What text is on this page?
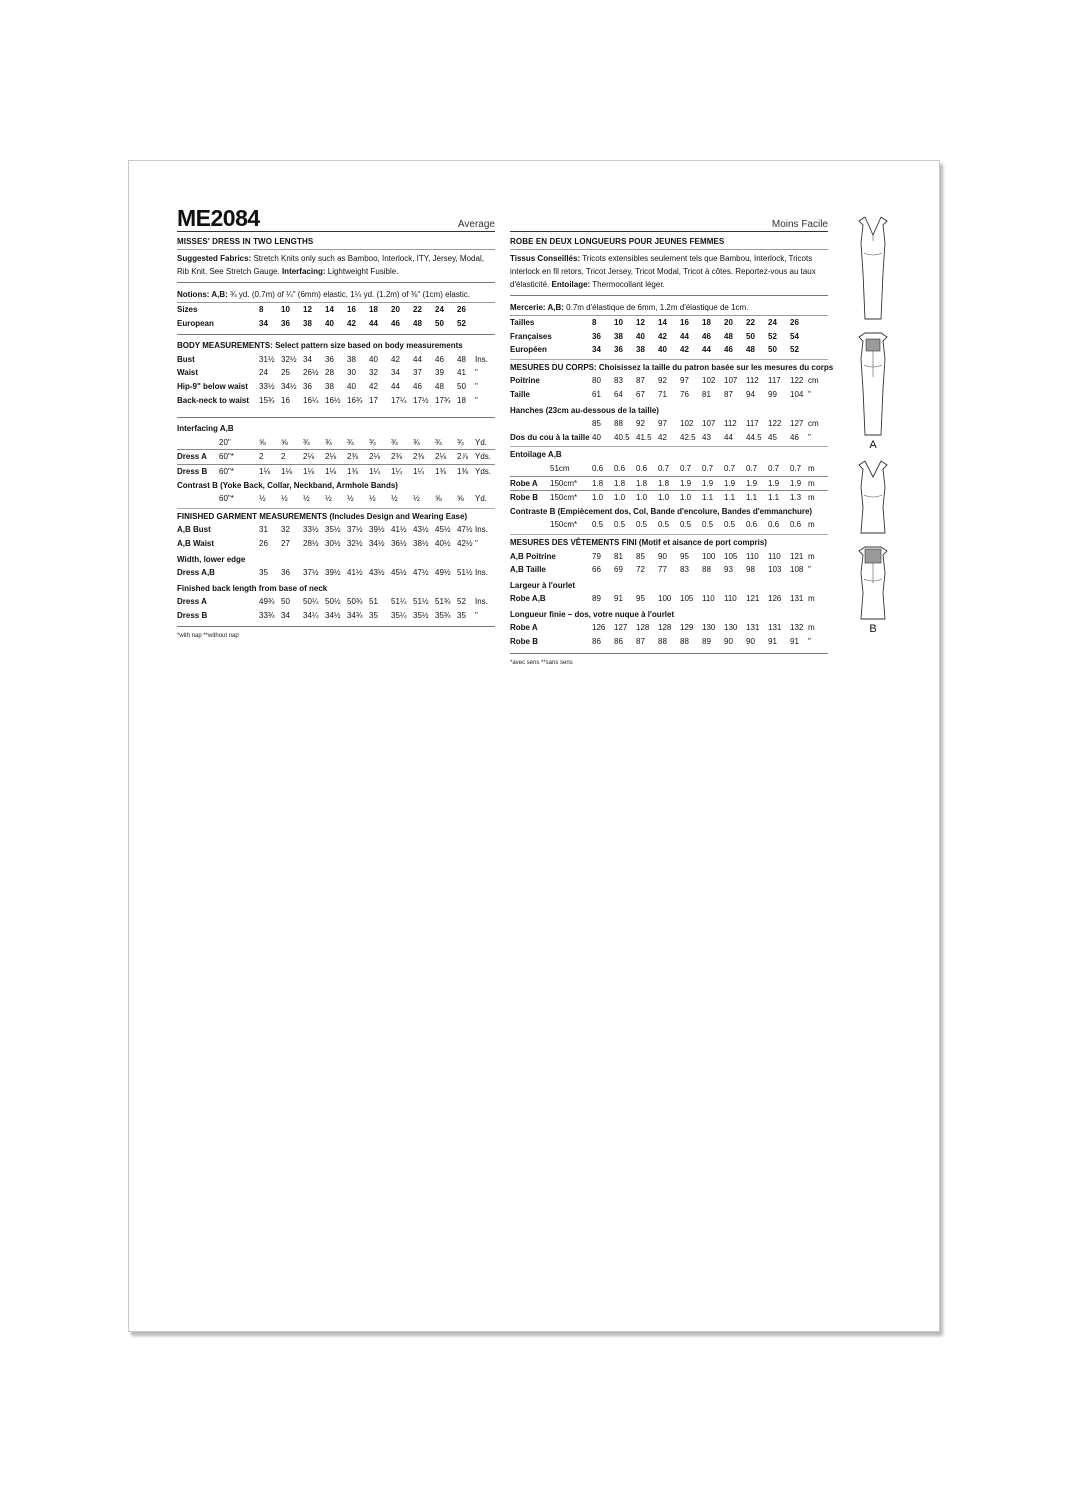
ME2084	Average
MISSES' DRESS IN TWO LENGTHS
Suggested Fabrics: Stretch Knits only such as Bamboo, Interlock, ITY, Jersey, Modal, Rib Knit. See Stretch Gauge. Interfacing: Lightweight Fusible.
Notions: A,B: ¾ yd. (0.7m) of ¼" (6mm) elastic, 1¼ yd. (1.2m) of ⅜" (1cm) elastic.
Sizes	8 10 12 14 16 18 20 22 24 26
European	34 36 38 40 42 44 46 48 50 52
BODY MEASUREMENTS: Select pattern size based on body measurements
Bust	31½ 32½ 34 36 38 40 42 44 46 48 Ins.
Waist	24 25 26½ 28 30 32 34 37 39 41 "
Hip-9" below waist 33½ 34½ 36 38 40 42 44 46 48 50 "
Back-neck to waist 15¾ 16 16¼ 16½ 16¾ 17 17¼ 17½ 17¾ 18 "
Interfacing A,B
20"	⅝ ⅝ ¾ ¾ ¾ ¾ ¾ ¾ ¾ ¾ Yd.
Dress A 60"*	2 2 2⅛ 2⅛ 2⅜ 2⅛ 2⅜ 2⅜ 2⅛ 2⅞ Yds.
Dress B 60"*	1⅛ 1⅛ 1⅛ 1⅛ 1⅜ 1¼ 1¼ 1¼ 1⅜ 1⅜ Yds.
Contrast B (Yoke Back, Collar, Neckband, Armhole Bands)
60"*	½ ½ ½ ½ ½ ½ ½ ½ ⅝ ⅝ Yd.
FINISHED GARMENT MEASUREMENTS (Includes Design and Wearing Ease)
A,B Bust	31 32 33½ 35½ 37½ 39½ 41½ 43½ 45½ 47½ Ins.
A,B Waist	26 27 28½ 30½ 32½ 34½ 36½ 38½ 40½ 42½ "
Width, lower edge
Dress A,B	35 36 37½ 39½ 41½ 43½ 45½ 47½ 49½ 51½ Ins.
Finished back length from base of neck
Dress A	49¾ 50 50¼ 50½ 50¾ 51 51¼ 51½ 51¾ 52 Ins.
Dress B	33¾ 34 34¼ 34½ 34¾ 35 35¼ 35½ 35¾ 35 "
*with nap **without nap
Moins Facile
ROBE EN DEUX LONGUEURS POUR JEUNES FEMMES
Tissus Conseillés: Tricots extensibles seulement tels que Bambou, Interlock, Tricots interlock en fil retors, Tricot Jersey, Tricot Modal, Tricot à côtes. Reportez-vous au taux d'élasticité. Entoilage: Thermocollant léger.
Mercerie: A,B: 0.7m d'élastique de 6mm, 1.2m d'élastique de 1cm.
Tailles	8 10 12 14 16 18 20 22 24 26
Françaises	36 38 40 42 44 46 48 50 52 54
Européen	34 36 38 40 42 44 46 48 50 52
MESURES DU CORPS: Choisissez la taille du patron basée sur les mesures du corps
Poitrine	80 83 87 92 97 102 107 112 117 122 cm
Taille	61 64 67 71 76 81 87 94 99 104 "
Hanches (23cm au-dessous de la taille)
85 88 92 97 102 107 112 117 122 127 cm
Dos du cou à la taille 40 40.5 41.5 42 42.5 43 44 44.5 45 46 "
Entoilage A,B
51cm	0.6 0.6 0.6 0.7 0.7 0.7 0.7 0.7 0.7 0.7 m
Robe A 150cm* 1.8 1.8 1.8 1.8 1.9 1.9 1.9 1.9 1.9 1.9 m
Robe B 150cm* 1.0 1.0 1.0 1.0 1.0 1.1 1.1 1.1 1.1 1.3 m
Contraste B (Empiècement dos, Col, Bande d'encolure, Bandes d'emmanchure)
150cm* 0.5 0.5 0.5 0.5 0.5 0.5 0.5 0.6 0.6 0.6 m
MESURES DES VÊTEMENTS FINI (Motif et aisance de port compris)
A,B Poitrine	79 81 85 90 95 100 105 110 110 121 m
A,B Taille	66 69 72 77 83 88 93 98 103 108 "
Largeur à l'ourlet
Robe A,B	89 91 95 100 105 110 110 121 126 131 m
Longueur finie – dos, votre nuque à l'ourlet
Robe A	126 127 128 128 129 130 130 131 131 132 m
Robe B	86 86 87 88 88 89 90 90 91 91 "
*avec sens **sans sens
A
B
